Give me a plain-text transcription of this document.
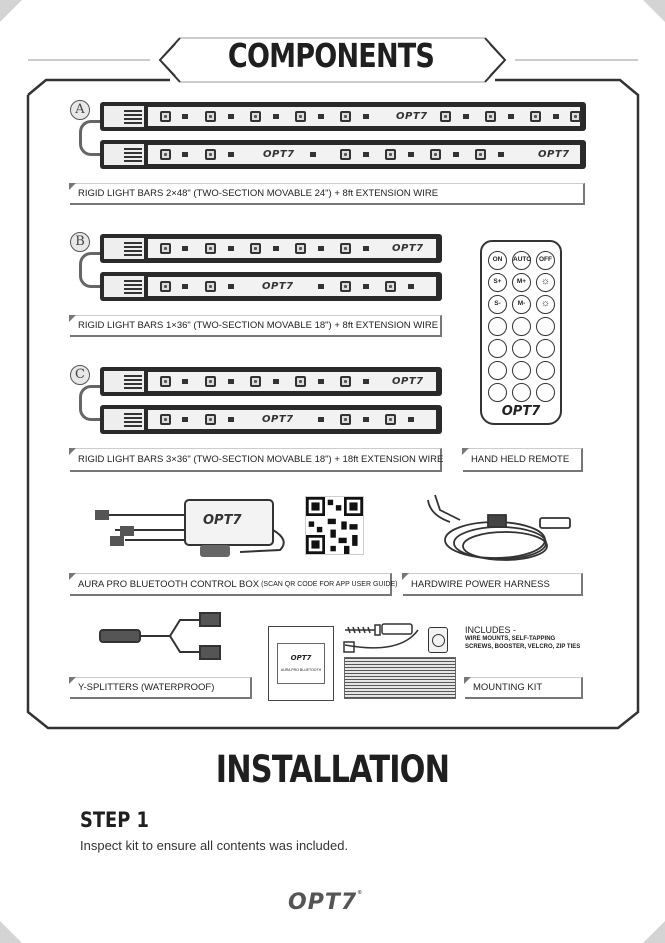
COMPONENTS
A	OPT7
OPT7	OPT7
RIGID LIGHT BARS 2×48" (TWO-SECTION MOVABLE 24") + 8ft EXTENSION WIRE
B	OPT7
OPT7
RIGID LIGHT BARS 1×36" (TWO-SECTION MOVABLE 18") + 8ft EXTENSION WIRE
C	OPT7
OPT7
RIGID LIGHT BARS 3×36" (TWO-SECTION MOVABLE 18") + 18ft EXTENSION WIRE
ON	AUTO	OFF
S+	M+	☼
S-	M-	☼
OPT7
HAND HELD REMOTE
OPT7
AURA PRO BLUETOOTH CONTROL BOX (SCAN QR CODE FOR APP USER GUIDE) HARDWIRE POWER HARNESS
OPT7
AURA PRO BLUETOOTH
INCLUDES -
WIRE MOUNTS, SELF-TAPPING
SCREWS, BOOSTER, VELCRO, ZIP TIES
Y-SPLITTERS (WATERPROOF)	MOUNTING KIT
INSTALLATION
STEP 1
Inspect kit to ensure all contents was included.
OPT7®
